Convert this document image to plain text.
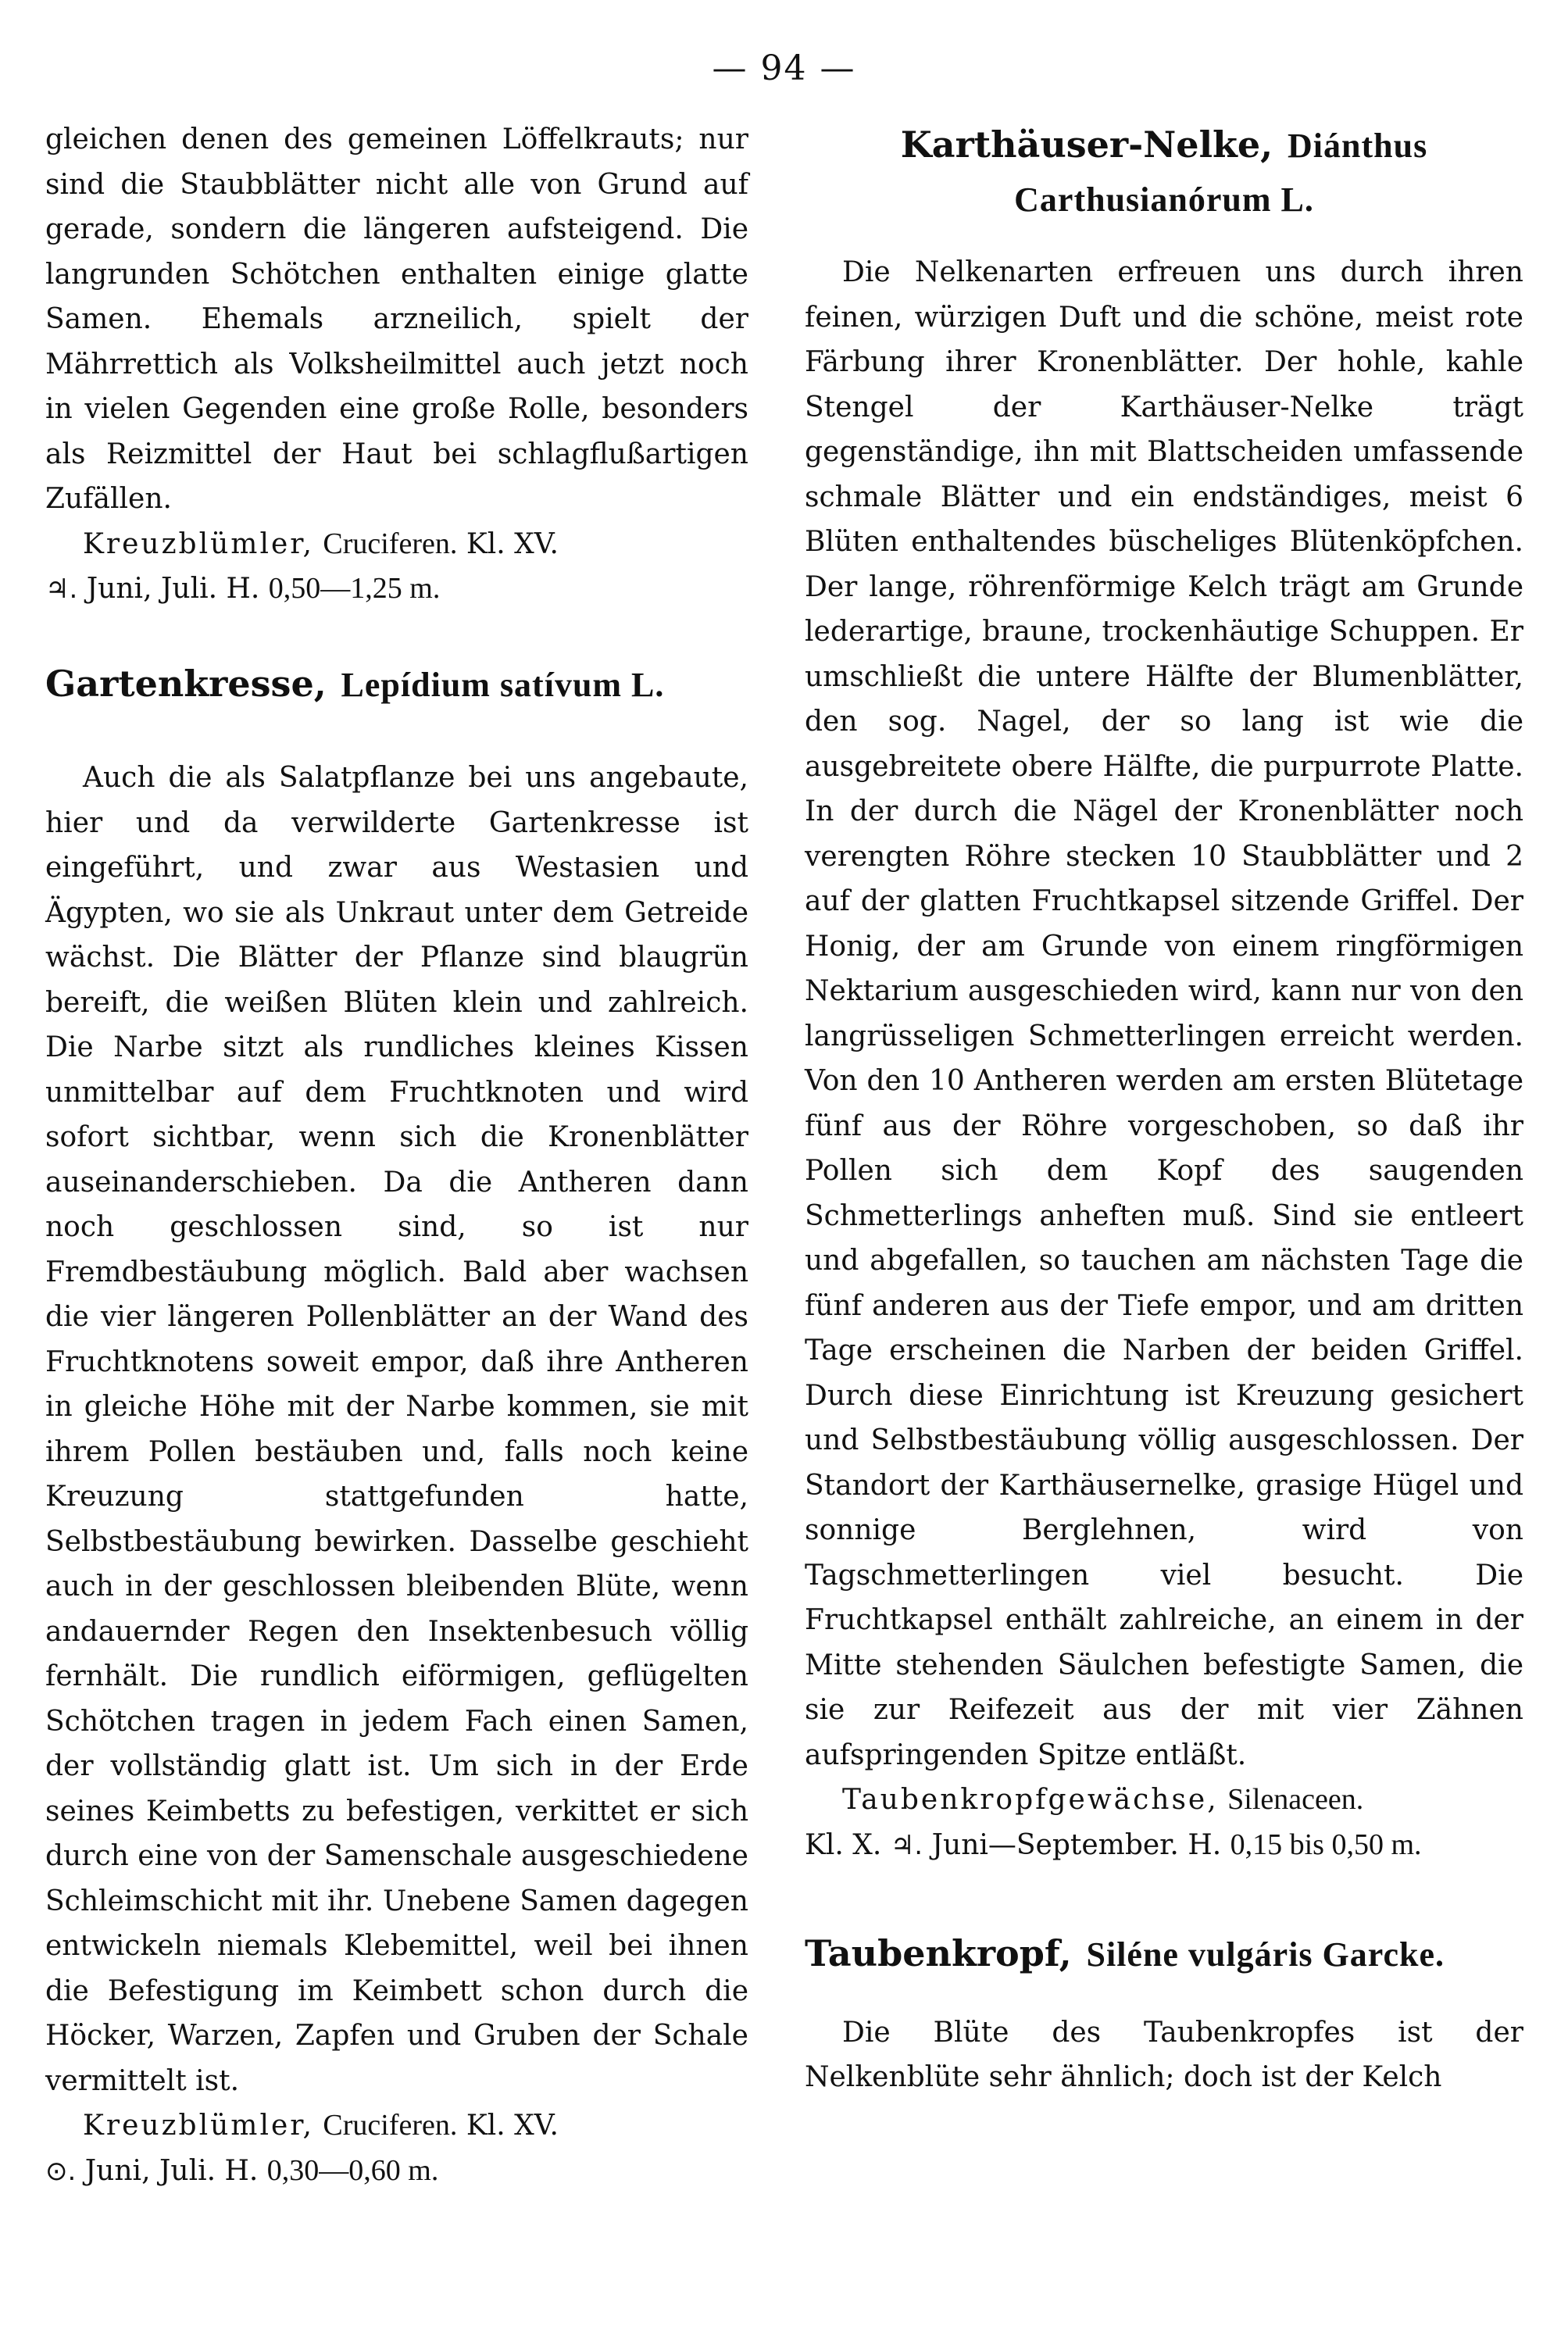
— 94 —

gleichen denen des gemeinen Löffelkrauts; nur sind die Staubblätter nicht alle von Grund auf gerade, sondern die längeren aufsteigend. Die langrunden Schötchen enthalten einige glatte Samen. Ehemals arzneilich, spielt der Mährrettich als Volksheilmittel auch jetzt noch in vielen Gegenden eine große Rolle, besonders als Reizmittel der Haut bei schlagflußartigen Zufällen.

Kreuzblümler, Cruciferen. Kl. XV.
♃. Juni, Juli. H. 0,50—1,25 m.

Gartenkresse, Lepídium satívum L.

Auch die als Salatpflanze bei uns angebaute, hier und da verwilderte Gartenkresse ist eingeführt, und zwar aus Westasien und Ägypten, wo sie als Unkraut unter dem Getreide wächst. Die Blätter der Pflanze sind blaugrün bereift, die weißen Blüten klein und zahlreich. Die Narbe sitzt als rundliches kleines Kissen unmittelbar auf dem Fruchtknoten und wird sofort sichtbar, wenn sich die Kronenblätter auseinanderschieben. Da die Antheren dann noch geschlossen sind, so ist nur Fremdbestäubung möglich. Bald aber wachsen die vier längeren Pollenblätter an der Wand des Fruchtknotens soweit empor, daß ihre Antheren in gleiche Höhe mit der Narbe kommen, sie mit ihrem Pollen bestäuben und, falls noch keine Kreuzung stattgefunden hatte, Selbstbestäubung bewirken. Dasselbe geschieht auch in der geschlossen bleibenden Blüte, wenn andauernder Regen den Insektenbesuch völlig fernhält. Die rundlich eiförmigen, geflügelten Schötchen tragen in jedem Fach einen Samen, der vollständig glatt ist. Um sich in der Erde seines Keimbetts zu befestigen, verkittet er sich durch eine von der Samenschale ausgeschiedene Schleimschicht mit ihr. Unebene Samen dagegen entwickeln niemals Klebemittel, weil bei ihnen die Befestigung im Keimbett schon durch die Höcker, Warzen, Zapfen und Gruben der Schale vermittelt ist.

Kreuzblümler, Cruciferen. Kl. XV.
⊙. Juni, Juli. H. 0,30—0,60 m.

Karthäuser-Nelke, Diánthus
Carthusianórum L.

Die Nelkenarten erfreuen uns durch ihren feinen, würzigen Duft und die schöne, meist rote Färbung ihrer Kronenblätter. Der hohle, kahle Stengel der Karthäuser-Nelke trägt gegenständige, ihn mit Blattscheiden umfassende schmale Blätter und ein endständiges, meist 6 Blüten enthaltendes büscheliges Blütenköpfchen. Der lange, röhrenförmige Kelch trägt am Grunde lederartige, braune, trockenhäutige Schuppen. Er umschließt die untere Hälfte der Blumenblätter, den sog. Nagel, der so lang ist wie die ausgebreitete obere Hälfte, die purpurrote Platte. In der durch die Nägel der Kronenblätter noch verengten Röhre stecken 10 Staubblätter und 2 auf der glatten Fruchtkapsel sitzende Griffel. Der Honig, der am Grunde von einem ringförmigen Nektarium ausgeschieden wird, kann nur von den langrüsseligen Schmetterlingen erreicht werden. Von den 10 Antheren werden am ersten Blütetage fünf aus der Röhre vorgeschoben, so daß ihr Pollen sich dem Kopf des saugenden Schmetterlings anheften muß. Sind sie entleert und abgefallen, so tauchen am nächsten Tage die fünf anderen aus der Tiefe empor, und am dritten Tage erscheinen die Narben der beiden Griffel. Durch diese Einrichtung ist Kreuzung gesichert und Selbstbestäubung völlig ausgeschlossen. Der Standort der Karthäusernelke, grasige Hügel und sonnige Berglehnen, wird von Tagschmetterlingen viel besucht. Die Fruchtkapsel enthält zahlreiche, an einem in der Mitte stehenden Säulchen befestigte Samen, die sie zur Reifezeit aus der mit vier Zähnen aufspringenden Spitze entläßt.

Taubenkropfgewächse, Silenaceen.
Kl. X. ♃. Juni—September. H. 0,15 bis 0,50 m.

Taubenkropf, Siléne vulgáris Garcke.

Die Blüte des Taubenkropfes ist der Nelkenblüte sehr ähnlich; doch ist der Kelch
